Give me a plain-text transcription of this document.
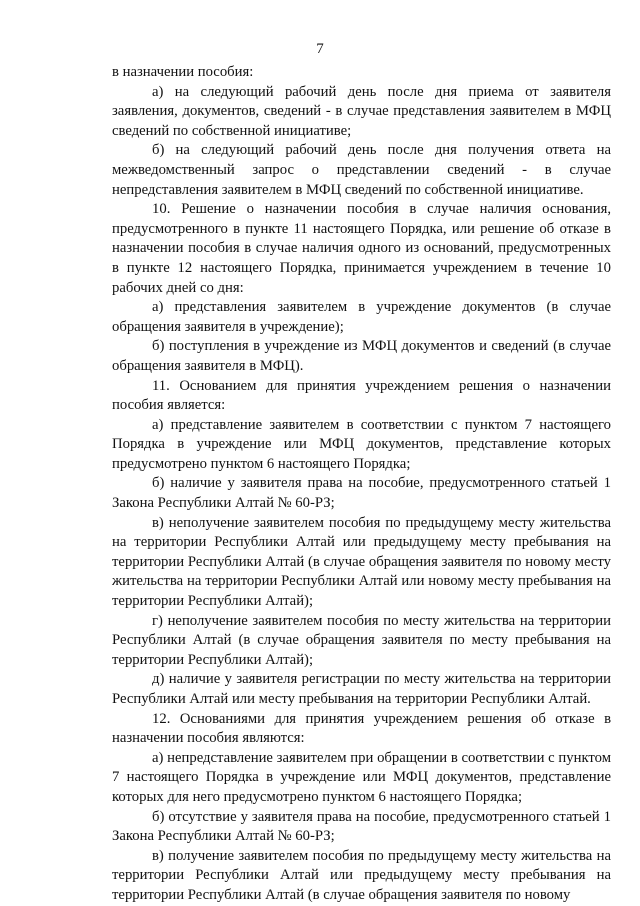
7

в назначении пособия:

а) на следующий рабочий день после дня приема от заявителя заявления, документов, сведений - в случае представления заявителем в МФЦ сведений по собственной инициативе;

б) на следующий рабочий день после дня получения ответа на межведомственный запрос о представлении сведений - в случае непредставления заявителем в МФЦ сведений по собственной инициативе.

10. Решение о назначении пособия в случае наличия основания, предусмотренного в пункте 11 настоящего Порядка, или решение об отказе в назначении пособия в случае наличия одного из оснований, предусмотренных в пункте 12 настоящего Порядка, принимается учреждением в течение 10 рабочих дней со дня:

а) представления заявителем в учреждение документов (в случае обращения заявителя в учреждение);

б) поступления в учреждение из МФЦ документов и сведений (в случае обращения заявителя в МФЦ).

11. Основанием для принятия учреждением решения о назначении пособия является:

а) представление заявителем в соответствии с пунктом 7 настоящего Порядка в учреждение или МФЦ документов, представление которых предусмотрено пунктом 6 настоящего Порядка;

б) наличие у заявителя права на пособие, предусмотренного статьей 1 Закона Республики Алтай № 60-РЗ;

в) неполучение заявителем пособия по предыдущему месту жительства на территории Республики Алтай или предыдущему месту пребывания на территории Республики Алтай (в случае обращения заявителя по новому месту жительства на территории Республики Алтай или новому месту пребывания на территории Республики Алтай);

г) неполучение заявителем пособия по месту жительства на территории Республики Алтай (в случае обращения заявителя по месту пребывания на территории Республики Алтай);

д) наличие у заявителя регистрации по месту жительства на территории Республики Алтай или месту пребывания на территории Республики Алтай.

12. Основаниями для принятия учреждением решения об отказе в назначении пособия являются:

а) непредставление заявителем при обращении в соответствии с пунктом 7 настоящего Порядка в учреждение или МФЦ документов, представление которых для него предусмотрено пунктом 6 настоящего Порядка;

б) отсутствие у заявителя права на пособие, предусмотренного статьей 1 Закона Республики Алтай № 60-РЗ;

в) получение заявителем пособия по предыдущему месту жительства на территории Республики Алтай или предыдущему месту пребывания на территории Республики Алтай (в случае обращения заявителя по новому
